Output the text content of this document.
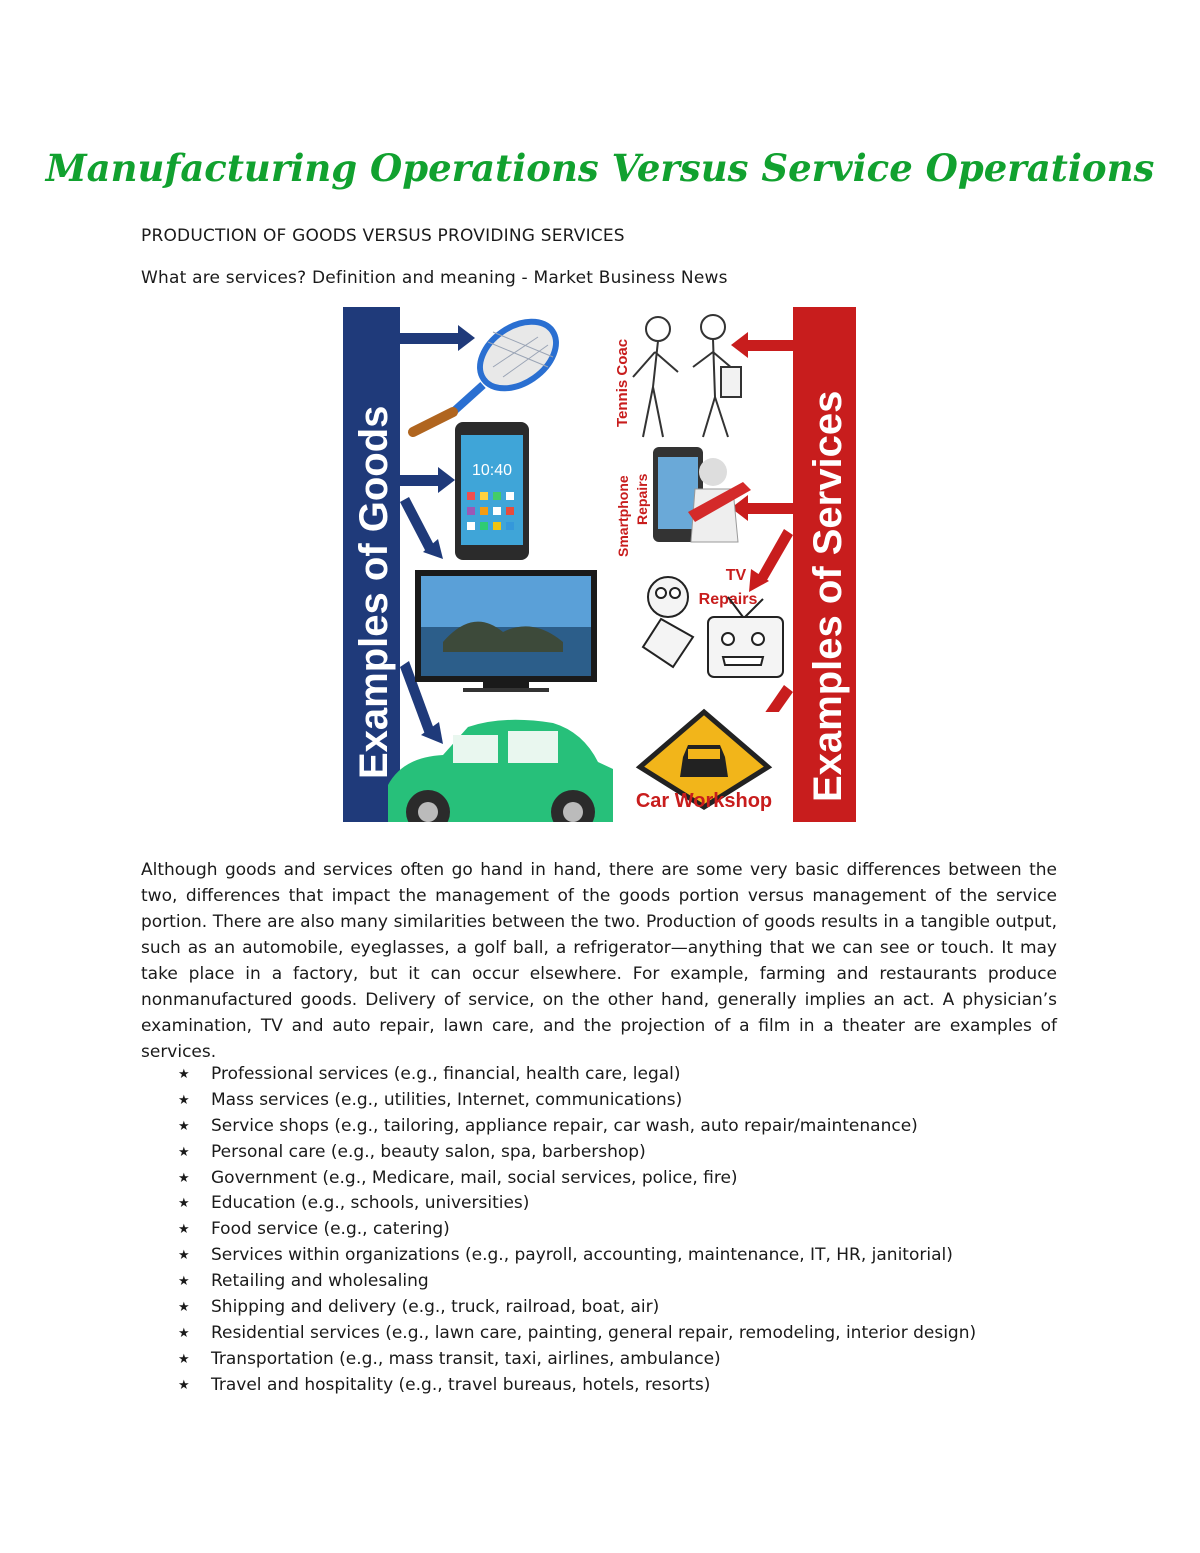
Manufacturing Operations Versus Service Operations
PRODUCTION OF GOODS VERSUS PROVIDING SERVICES
What are services? Definition and meaning - Market Business News
Examples of Goods	10:40	Examples of Services
Tennis Coac
Smartphone Repairs
TV
Repairs
Car Workshop

Although goods and services often go hand in hand, there are some very basic differences between the two, differences that impact the management of the goods portion versus management of the service portion. There are also many similarities between the two. Production of goods results in a tangible output, such as an automobile, eyeglasses, a golf ball, a refrigerator—anything that we can see or touch. It may take place in a factory, but it can occur elsewhere. For example, farming and restaurants produce nonmanufactured goods. Delivery of service, on the other hand, generally implies an act. A physician’s examination, TV and auto repair, lawn care, and the projection of a film in a theater are examples of services.

★	Professional services (e.g., financial, health care, legal)
★	Mass services (e.g., utilities, Internet, communications)
★	Service shops (e.g., tailoring, appliance repair, car wash, auto repair/maintenance)
★	Personal care (e.g., beauty salon, spa, barbershop)
★	Government (e.g., Medicare, mail, social services, police, fire)
★	Education (e.g., schools, universities)
★	Food service (e.g., catering)
★	Services within organizations (e.g., payroll, accounting, maintenance, IT, HR, janitorial)
★	Retailing and wholesaling
★	Shipping and delivery (e.g., truck, railroad, boat, air)
★	Residential services (e.g., lawn care, painting, general repair, remodeling, interior design)
★	Transportation (e.g., mass transit, taxi, airlines, ambulance)
★	Travel and hospitality (e.g., travel bureaus, hotels, resorts)
